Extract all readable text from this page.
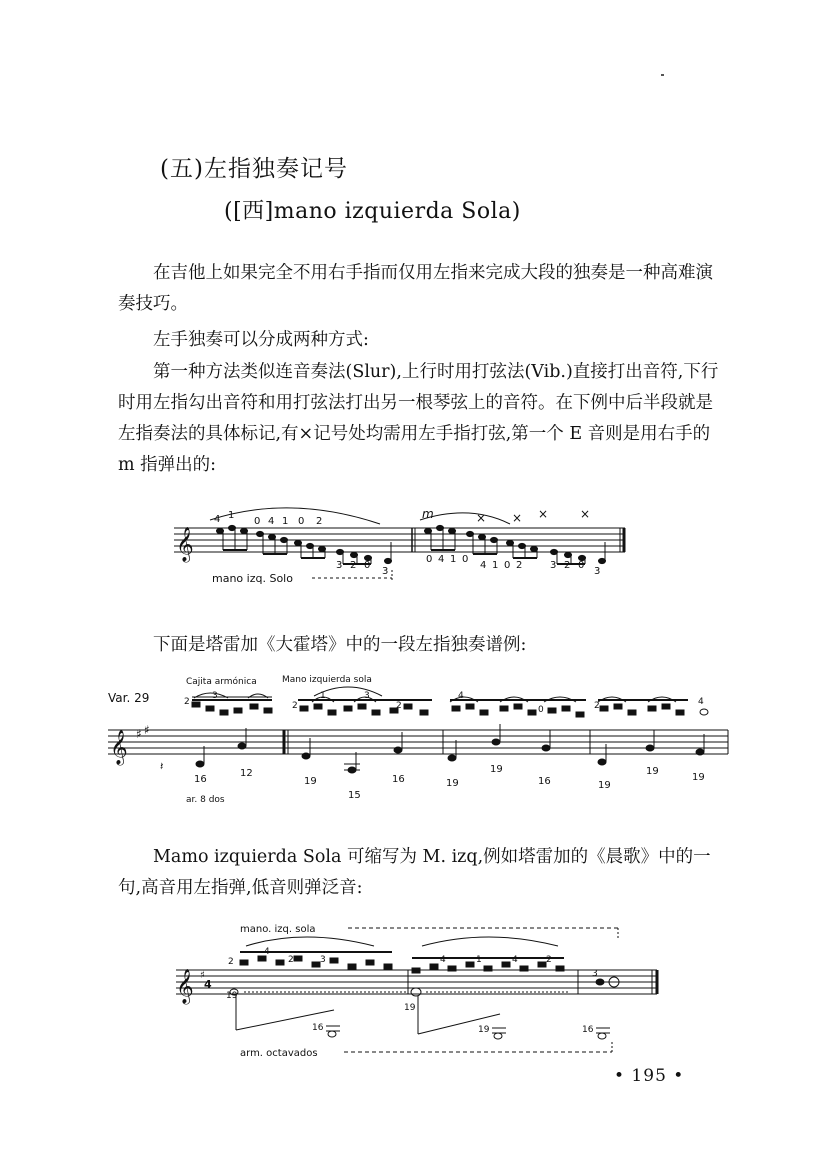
(五)左指独奏记号
([西]mano izquierda Sola)

在吉他上如果完全不用右手指而仅用左指来完成大段的独奏是一种高难演奏技巧。

左手独奏可以分成两种方式:

第一种方法类似连音奏法(Slur),上行时用打弦法(Vib.)直接打出音符,下行时用左指勾出音符和用打弦法打出另一根琴弦上的音符。在下例中后半段就是左指奏法的具体标记,有×记号处均需用左手指打弦,第一个 E 音则是用右手的 m 指弹出的:

𝄞
4 1
0 4 1 0 2
3 2 0
3
0 4 1 0
4 1 0 2	3 2 0
3
m	× × ×	×
mano izq. Solo

下面是塔雷加《大霍塔》中的一段左指独奏谱例:

Var. 29
Cajita armónica	Mano izquierda sola
𝄞 ♯ ♯
𝄽
2
3
2
1	3
2	0	2	4
4
16
12
19
15
16	19
19
16	19
19
19
ar. 8 dos

Mamo izquierda Sola 可缩写为 M. izq,例如塔雷加的《晨歌》中的一句,高音用左指弹,低音则弹泛音:

mano. izq. sola
𝄞 ♯
4
2
4
2	3	4	1	4	2
3
19
16
19
19	16
arm. octavados
• 195 •
